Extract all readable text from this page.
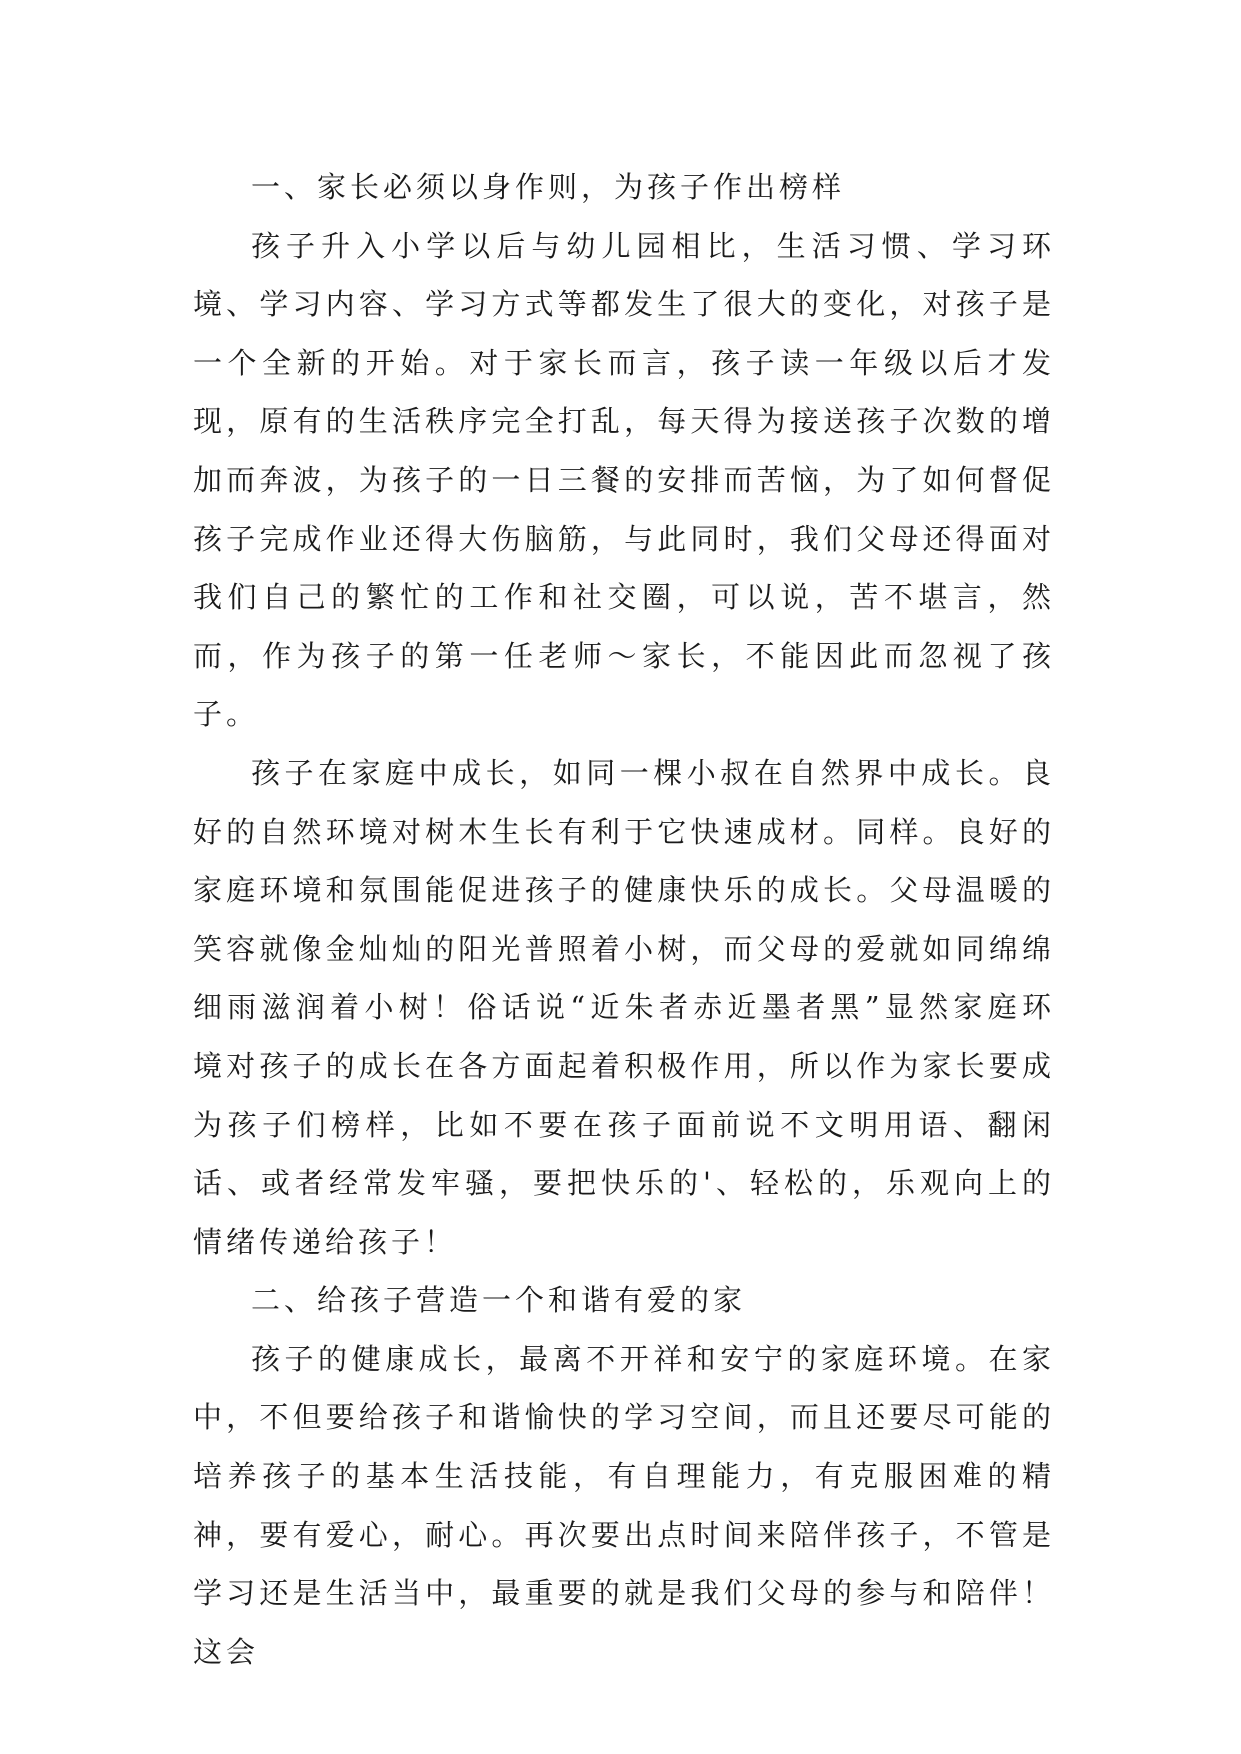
一、家长必须以身作则，为孩子作出榜样

孩子升入小学以后与幼儿园相比，生活习惯、学习环境、学习内容、学习方式等都发生了很大的变化，对孩子是一个全新的开始。对于家长而言，孩子读一年级以后才发现，原有的生活秩序完全打乱，每天得为接送孩子次数的增加而奔波，为孩子的一日三餐的安排而苦恼，为了如何督促孩子完成作业还得大伤脑筋，与此同时，我们父母还得面对我们自己的繁忙的工作和社交圈，可以说，苦不堪言，然而，作为孩子的第一任老师～家长，不能因此而忽视了孩子。

孩子在家庭中成长，如同一棵小叔在自然界中成长。良好的自然环境对树木生长有利于它快速成材。同样。良好的家庭环境和氛围能促进孩子的健康快乐的成长。父母温暖的笑容就像金灿灿的阳光普照着小树，而父母的爱就如同绵绵细雨滋润着小树！俗话说“近朱者赤近墨者黑”显然家庭环境对孩子的成长在各方面起着积极作用，所以作为家长要成为孩子们榜样，比如不要在孩子面前说不文明用语、翻闲话、或者经常发牢骚，要把快乐的'、轻松的，乐观向上的情绪传递给孩子！

二、给孩子营造一个和谐有爱的家

孩子的健康成长，最离不开祥和安宁的家庭环境。在家中，不但要给孩子和谐愉快的学习空间，而且还要尽可能的培养孩子的基本生活技能，有自理能力，有克服困难的精神，要有爱心，耐心。再次要出点时间来陪伴孩子，不管是学习还是生活当中，最重要的就是我们父母的参与和陪伴！这会
